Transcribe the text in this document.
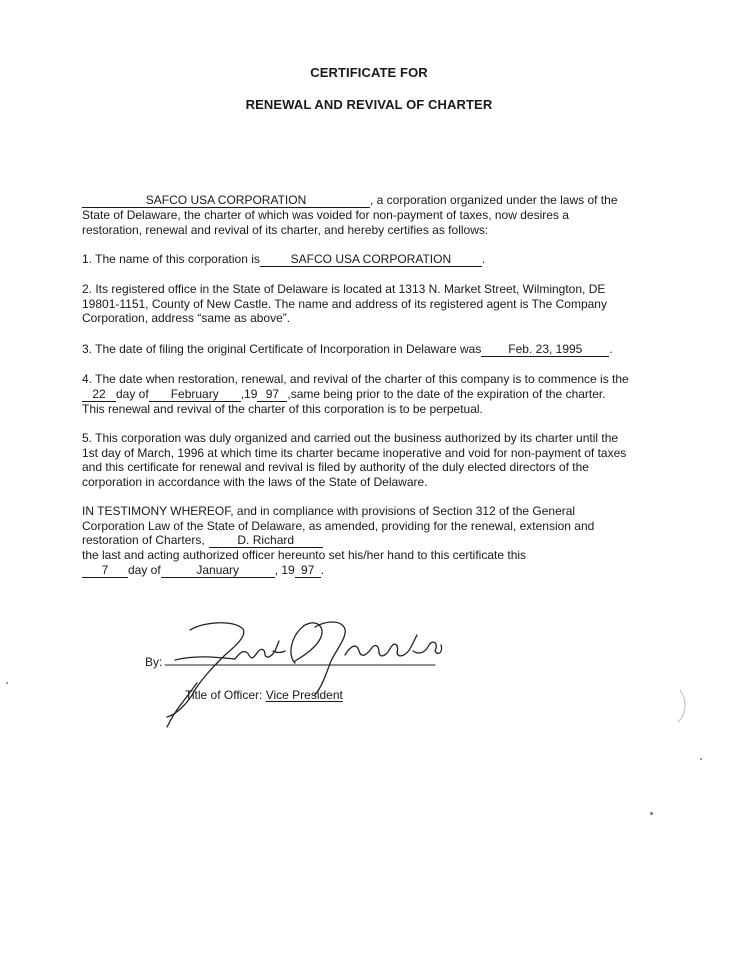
CERTIFICATE FOR
RENEWAL AND REVIVAL OF CHARTER
SAFCO USA CORPORATION	, a corporation organized under the laws of the
State of Delaware, the charter of which was voided for non-payment of taxes, now desires a
restoration, renewal and revival of its charter, and hereby certifies as follows:
1. The name of this corporation is	SAFCO USA CORPORATION	.
2. Its registered office in the State of Delaware is located at 1313 N. Market Street, Wilmington, DE
19801-1151, County of New Castle. The name and address of its registered agent is The Company
Corporation, address “same as above”.
3. The date of filing the original Certificate of Incorporation in Delaware was Feb. 23, 1995 .
4. The date when restoration, renewal, and revival of the charter of this company is to commence is the
22 day of February ,19 97 ,same being prior to the date of the expiration of the charter.
This renewal and revival of the charter of this corporation is to be perpetual.
5. This corporation was duly organized and carried out the business authorized by its charter until the
1st day of March, 1996 at which time its charter became inoperative and void for non-payment of taxes
and this certificate for renewal and revival is filed by authority of the duly elected directors of the
corporation in accordance with the laws of the State of Delaware.
IN TESTIMONY WHEREOF, and in compliance with provisions of Section 312 of the General
Corporation Law of the State of Delaware, as amended, providing for the renewal, extension and
restoration of Charters,	D. Richard
the last and acting authorized officer hereunto set his/her hand to this certificate this
7 day of	January	, 19 97 .
By:
Title of Officer: Vice President
